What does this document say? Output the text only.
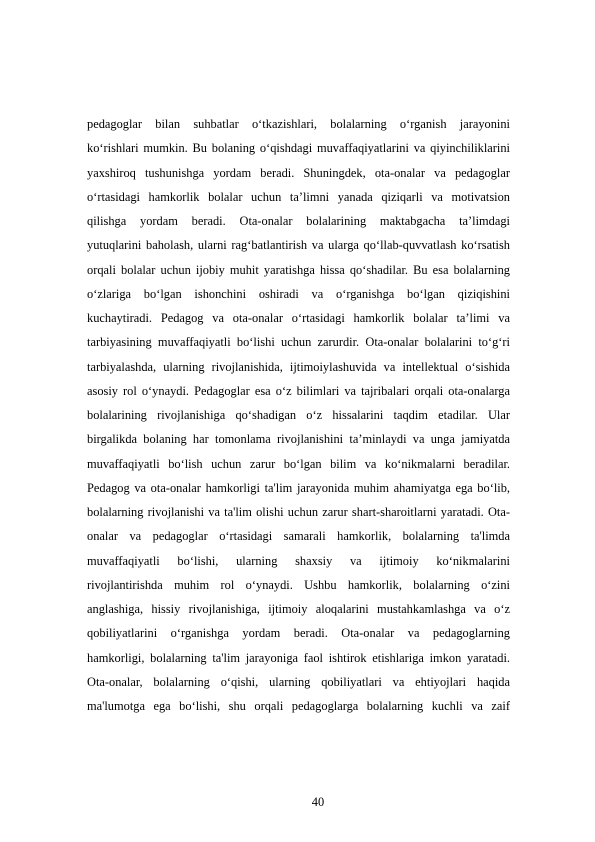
pedagoglar bilan suhbatlar o‘tkazishlari, bolalarning o‘rganish jarayonini
ko‘rishlari mumkin. Bu bolaning o‘qishdagi muvaffaqiyatlarini va qiyinchiliklarini
yaxshiroq tushunishga yordam beradi. Shuningdek, ota-onalar va pedagoglar
o‘rtasidagi hamkorlik bolalar uchun ta’limni yanada qiziqarli va motivatsion
qilishga yordam beradi. Ota-onalar bolalarining maktabgacha ta’limdagi
yutuqlarini baholash, ularni rag‘batlantirish va ularga qo‘llab-quvvatlash ko‘rsatish
orqali bolalar uchun ijobiy muhit yaratishga hissa qo‘shadilar. Bu esa bolalarning
o‘zlariga bo‘lgan ishonchini oshiradi va o‘rganishga bo‘lgan qiziqishini
kuchaytiradi. Pedagog va ota-onalar o‘rtasidagi hamkorlik bolalar ta’limi va
tarbiyasining muvaffaqiyatli bo‘lishi uchun zarurdir. Ota-onalar bolalarini to‘g‘ri
tarbiyalashda, ularning rivojlanishida, ijtimoiylashuvida va intellektual o‘sishida
asosiy rol o‘ynaydi. Pedagoglar esa o‘z bilimlari va tajribalari orqali ota-onalarga
bolalarining rivojlanishiga qo‘shadigan o‘z hissalarini taqdim etadilar. Ular
birgalikda bolaning har tomonlama rivojlanishini ta’minlaydi va unga jamiyatda
muvaffaqiyatli bo‘lish uchun zarur bo‘lgan bilim va ko‘nikmalarni beradilar.
Pedagog va ota-onalar hamkorligi ta'lim jarayonida muhim ahamiyatga ega bo‘lib,
bolalarning rivojlanishi va ta'lim olishi uchun zarur shart-sharoitlarni yaratadi. Ota-
onalar va pedagoglar o‘rtasidagi samarali hamkorlik, bolalarning ta'limda
muvaffaqiyatli bo‘lishi, ularning shaxsiy va ijtimoiy ko‘nikmalarini
rivojlantirishda muhim rol o‘ynaydi. Ushbu hamkorlik, bolalarning o‘zini
anglashiga, hissiy rivojlanishiga, ijtimoiy aloqalarini mustahkamlashga va o‘z
qobiliyatlarini o‘rganishga yordam beradi. Ota-onalar va pedagoglarning
hamkorligi, bolalarning ta'lim jarayoniga faol ishtirok etishlariga imkon yaratadi.
Ota-onalar, bolalarning o‘qishi, ularning qobiliyatlari va ehtiyojlari haqida
ma'lumotga ega bo‘lishi, shu orqali pedagoglarga bolalarning kuchli va zaif
40
